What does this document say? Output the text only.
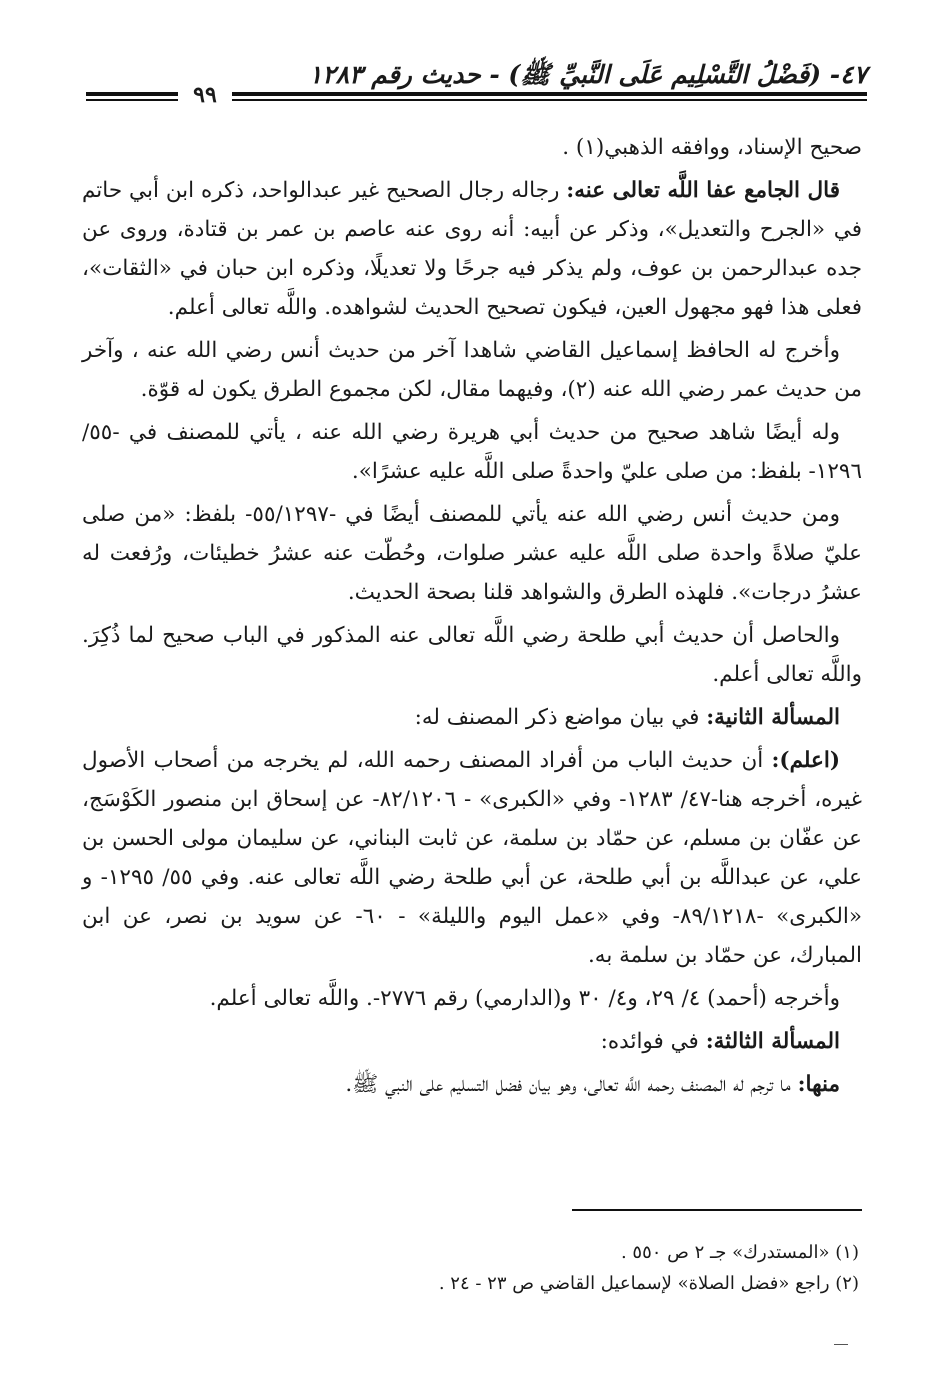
٤٧- (فَضْلُ التَّسْلِيم عَلَى النَّبيِّ ﷺ) - حديث رقم ١٢٨٣
٩٩

صحيح الإسناد، ووافقه الذهبي(١) .

قال الجامع عفا اللَّه تعالى عنه: رجاله رجال الصحيح غير عبدالواحد، ذكره ابن أبي حاتم في «الجرح والتعديل»، وذكر عن أبيه: أنه روى عنه عاصم بن عمر بن قتادة، وروى عن جده عبدالرحمن بن عوف، ولم يذكر فيه جرحًا ولا تعديلًا، وذكره ابن حبان في «الثقات»، فعلى هذا فهو مجهول العين، فيكون تصحيح الحديث لشواهده. واللَّه تعالى أعلم.

وأخرج له الحافظ إسماعيل القاضي شاهدا آخر من حديث أنس رضي الله عنه ، وآخر من حديث عمر رضي الله عنه (٢)، وفيهما مقال، لكن مجموع الطرق يكون له قوّة.

وله أيضًا شاهد صحيح من حديث أبي هريرة رضي الله عنه ، يأتي للمصنف في -٥٥/ ١٢٩٦- بلفظ: من صلى عليّ واحدةً صلى اللَّه عليه عشرًا».

ومن حديث أنس رضي الله عنه يأتي للمصنف أيضًا في -٥٥/١٢٩٧- بلفظ: «من صلى عليّ صلاةً واحدة صلى اللَّه عليه عشر صلوات، وحُطّت عنه عشرُ خطيئات، ورُفعت له عشرُ درجات». فلهذه الطرق والشواهد قلنا بصحة الحديث.

والحاصل أن حديث أبي طلحة رضي اللَّه تعالى عنه المذكور في الباب صحيح لما ذُكِرَ. واللَّه تعالى أعلم.

المسألة الثانية: في بيان مواضع ذكر المصنف له:

(اعلم): أن حديث الباب من أفراد المصنف رحمه الله، لم يخرجه من أصحاب الأصول غيره، أخرجه هنا-٤٧/ ١٢٨٣- وفي «الكبرى» - ٨٢/١٢٠٦- عن إسحاق ابن منصور الكَوْسَج، عن عفّان بن مسلم، عن حمّاد بن سلمة، عن ثابت البناني، عن سليمان مولى الحسن بن علي، عن عبداللَّه بن أبي طلحة، عن أبي طلحة رضي اللَّه تعالى عنه. وفي ٥٥/ ١٢٩٥- و «الكبرى» -٨٩/١٢١٨- وفي «عمل اليوم والليلة» - ٦٠- عن سويد بن نصر، عن ابن المبارك، عن حمّاد بن سلمة به.

وأخرجه (أحمد) ٤/ ٢٩، و٤/ ٣٠ و(الدارمي) رقم ٢٧٧٦-. واللَّه تعالى أعلم.

المسألة الثالثة: في فوائده:

منها: ما ترجم له المصنف رحمه اللَّه تعالى، وهو بيان فضل التسليم على النبي ﷺ.

(١) «المستدرك» جـ ٢ ص ٥٥٠ .
(٢) راجع «فضل الصلاة» لإسماعيل القاضي ص ٢٣ - ٢٤ .
